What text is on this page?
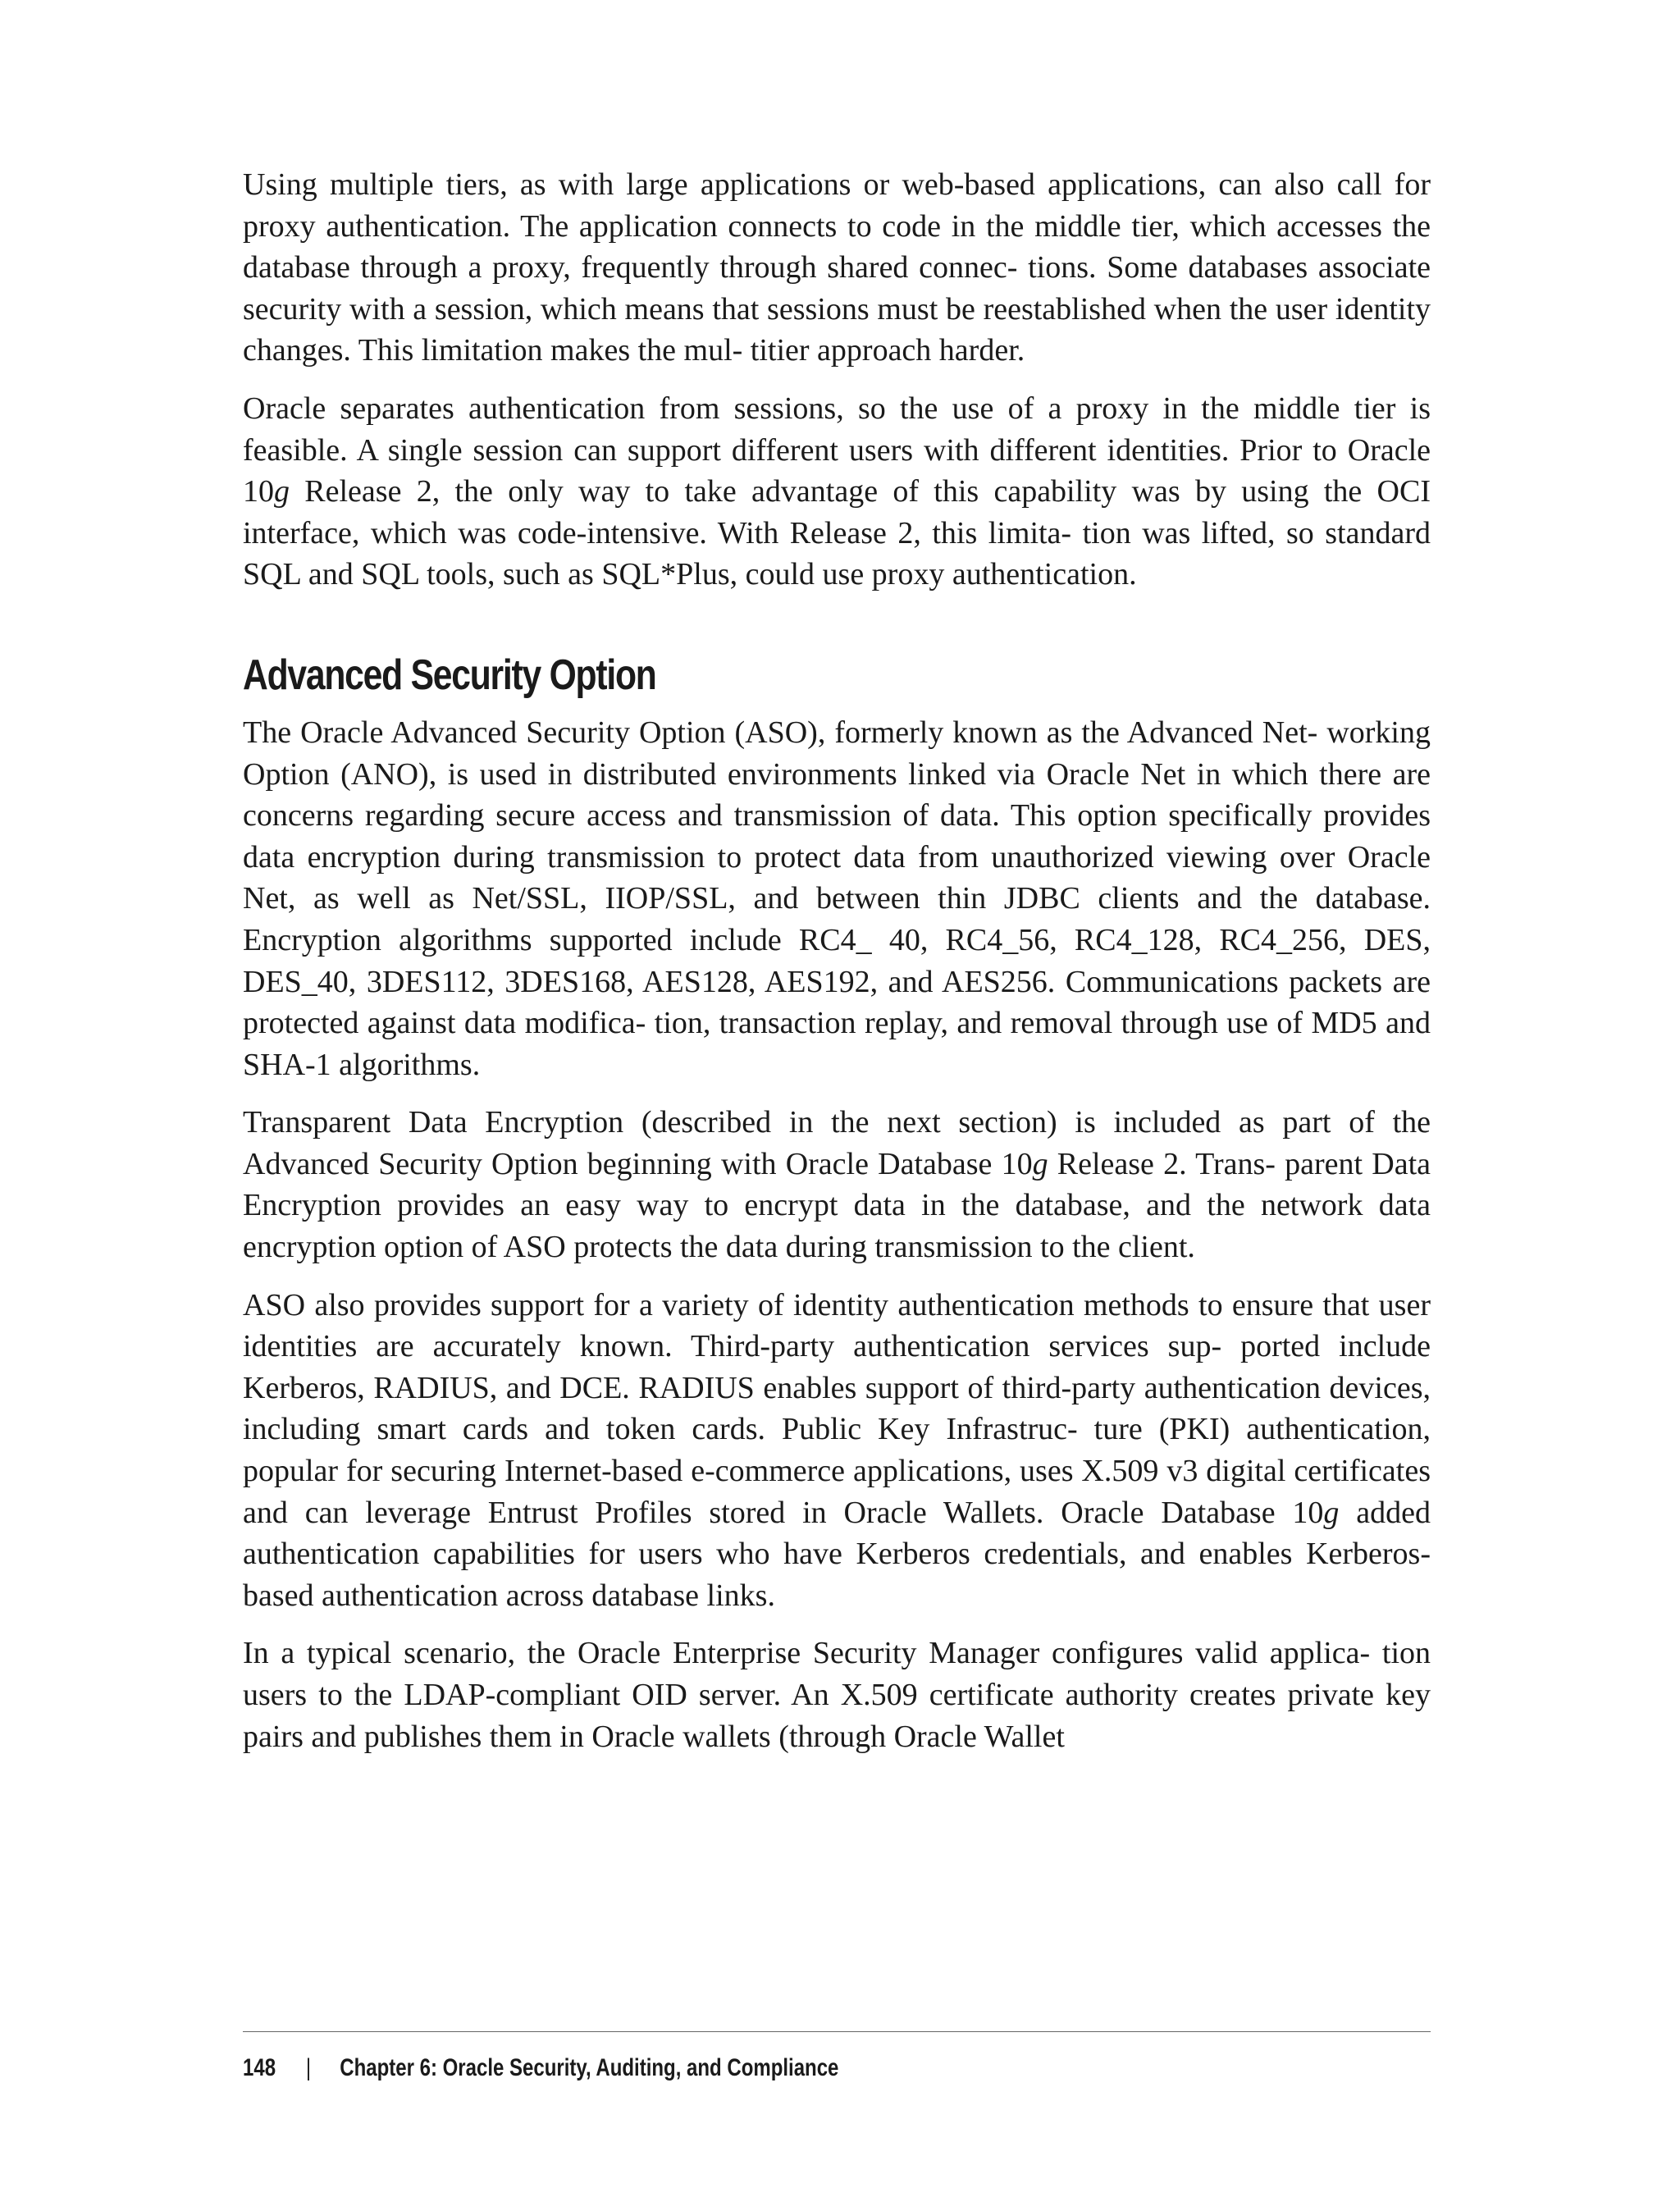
Using multiple tiers, as with large applications or web-based applications, can also call for proxy authentication. The application connects to code in the middle tier, which accesses the database through a proxy, frequently through shared connec- tions. Some databases associate security with a session, which means that sessions must be reestablished when the user identity changes. This limitation makes the mul- titier approach harder.

Oracle separates authentication from sessions, so the use of a proxy in the middle tier is feasible. A single session can support different users with different identities. Prior to Oracle 10g Release 2, the only way to take advantage of this capability was by using the OCI interface, which was code-intensive. With Release 2, this limita- tion was lifted, so standard SQL and SQL tools, such as SQL*Plus, could use proxy authentication.

Advanced Security Option

The Oracle Advanced Security Option (ASO), formerly known as the Advanced Net- working Option (ANO), is used in distributed environments linked via Oracle Net in which there are concerns regarding secure access and transmission of data. This option specifically provides data encryption during transmission to protect data from unauthorized viewing over Oracle Net, as well as Net/SSL, IIOP/SSL, and between thin JDBC clients and the database. Encryption algorithms supported include RC4_ 40, RC4_56, RC4_128, RC4_256, DES, DES_40, 3DES112, 3DES168, AES128, AES192, and AES256. Communications packets are protected against data modifica- tion, transaction replay, and removal through use of MD5 and SHA-1 algorithms.

Transparent Data Encryption (described in the next section) is included as part of the Advanced Security Option beginning with Oracle Database 10g Release 2. Trans- parent Data Encryption provides an easy way to encrypt data in the database, and the network data encryption option of ASO protects the data during transmission to the client.

ASO also provides support for a variety of identity authentication methods to ensure that user identities are accurately known. Third-party authentication services sup- ported include Kerberos, RADIUS, and DCE. RADIUS enables support of third-party authentication devices, including smart cards and token cards. Public Key Infrastruc- ture (PKI) authentication, popular for securing Internet-based e-commerce applications, uses X.509 v3 digital certificates and can leverage Entrust Profiles stored in Oracle Wallets. Oracle Database 10g added authentication capabilities for users who have Kerberos credentials, and enables Kerberos-based authentication across database links.

In a typical scenario, the Oracle Enterprise Security Manager configures valid applica- tion users to the LDAP-compliant OID server. An X.509 certificate authority creates private key pairs and publishes them in Oracle wallets (through Oracle Wallet

148 | Chapter 6: Oracle Security, Auditing, and Compliance
